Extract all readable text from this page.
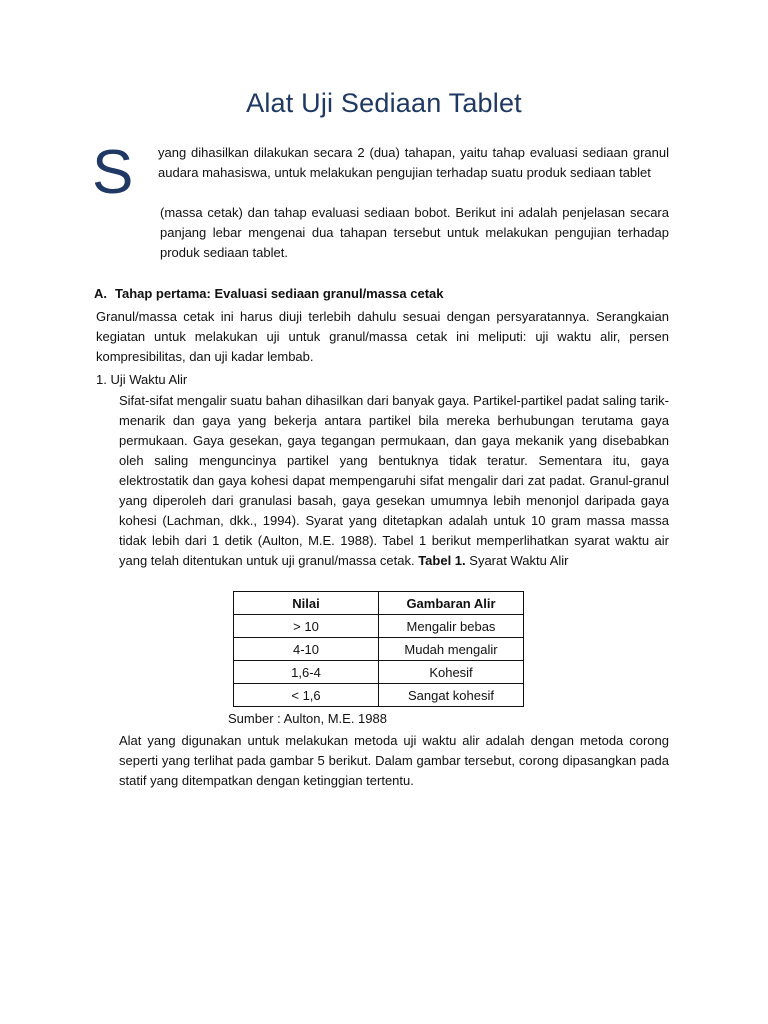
Alat Uji Sediaan Tablet
S yang dihasilkan dilakukan secara 2 (dua) tahapan, yaitu tahap evaluasi sediaan granul audara mahasiswa, untuk melakukan pengujian terhadap suatu produk sediaan tablet
(massa cetak) dan tahap evaluasi sediaan bobot. Berikut ini adalah penjelasan secara panjang lebar mengenai dua tahapan tersebut untuk melakukan pengujian terhadap produk sediaan tablet.
A. Tahap pertama: Evaluasi sediaan granul/massa cetak
Granul/massa cetak ini harus diuji terlebih dahulu sesuai dengan persyaratannya. Serangkaian kegiatan untuk melakukan uji untuk granul/massa cetak ini meliputi: uji waktu alir, persen kompresibilitas, dan uji kadar lembab.
1. Uji Waktu Alir
Sifat-sifat mengalir suatu bahan dihasilkan dari banyak gaya. Partikel-partikel padat saling tarik-menarik dan gaya yang bekerja antara partikel bila mereka berhubungan terutama gaya permukaan. Gaya gesekan, gaya tegangan permukaan, dan gaya mekanik yang disebabkan oleh saling menguncinya partikel yang bentuknya tidak teratur. Sementara itu, gaya elektrostatik dan gaya kohesi dapat mempengaruhi sifat mengalir dari zat padat. Granul-granul yang diperoleh dari granulasi basah, gaya gesekan umumnya lebih menonjol daripada gaya kohesi (Lachman, dkk., 1994). Syarat yang ditetapkan adalah untuk 10 gram massa massa tidak lebih dari 1 detik (Aulton, M.E. 1988). Tabel 1 berikut memperlihatkan syarat waktu air yang telah ditentukan untuk uji granul/massa cetak. Tabel 1. Syarat Waktu Alir
Nilai	Gambaran Alir
> 10	Mengalir bebas
4-10	Mudah mengalir
1,6-4	Kohesif
< 1,6	Sangat kohesif
Sumber : Aulton, M.E. 1988
Alat yang digunakan untuk melakukan metoda uji waktu alir adalah dengan metoda corong seperti yang terlihat pada gambar 5 berikut. Dalam gambar tersebut, corong dipasangkan pada statif yang ditempatkan dengan ketinggian tertentu.
